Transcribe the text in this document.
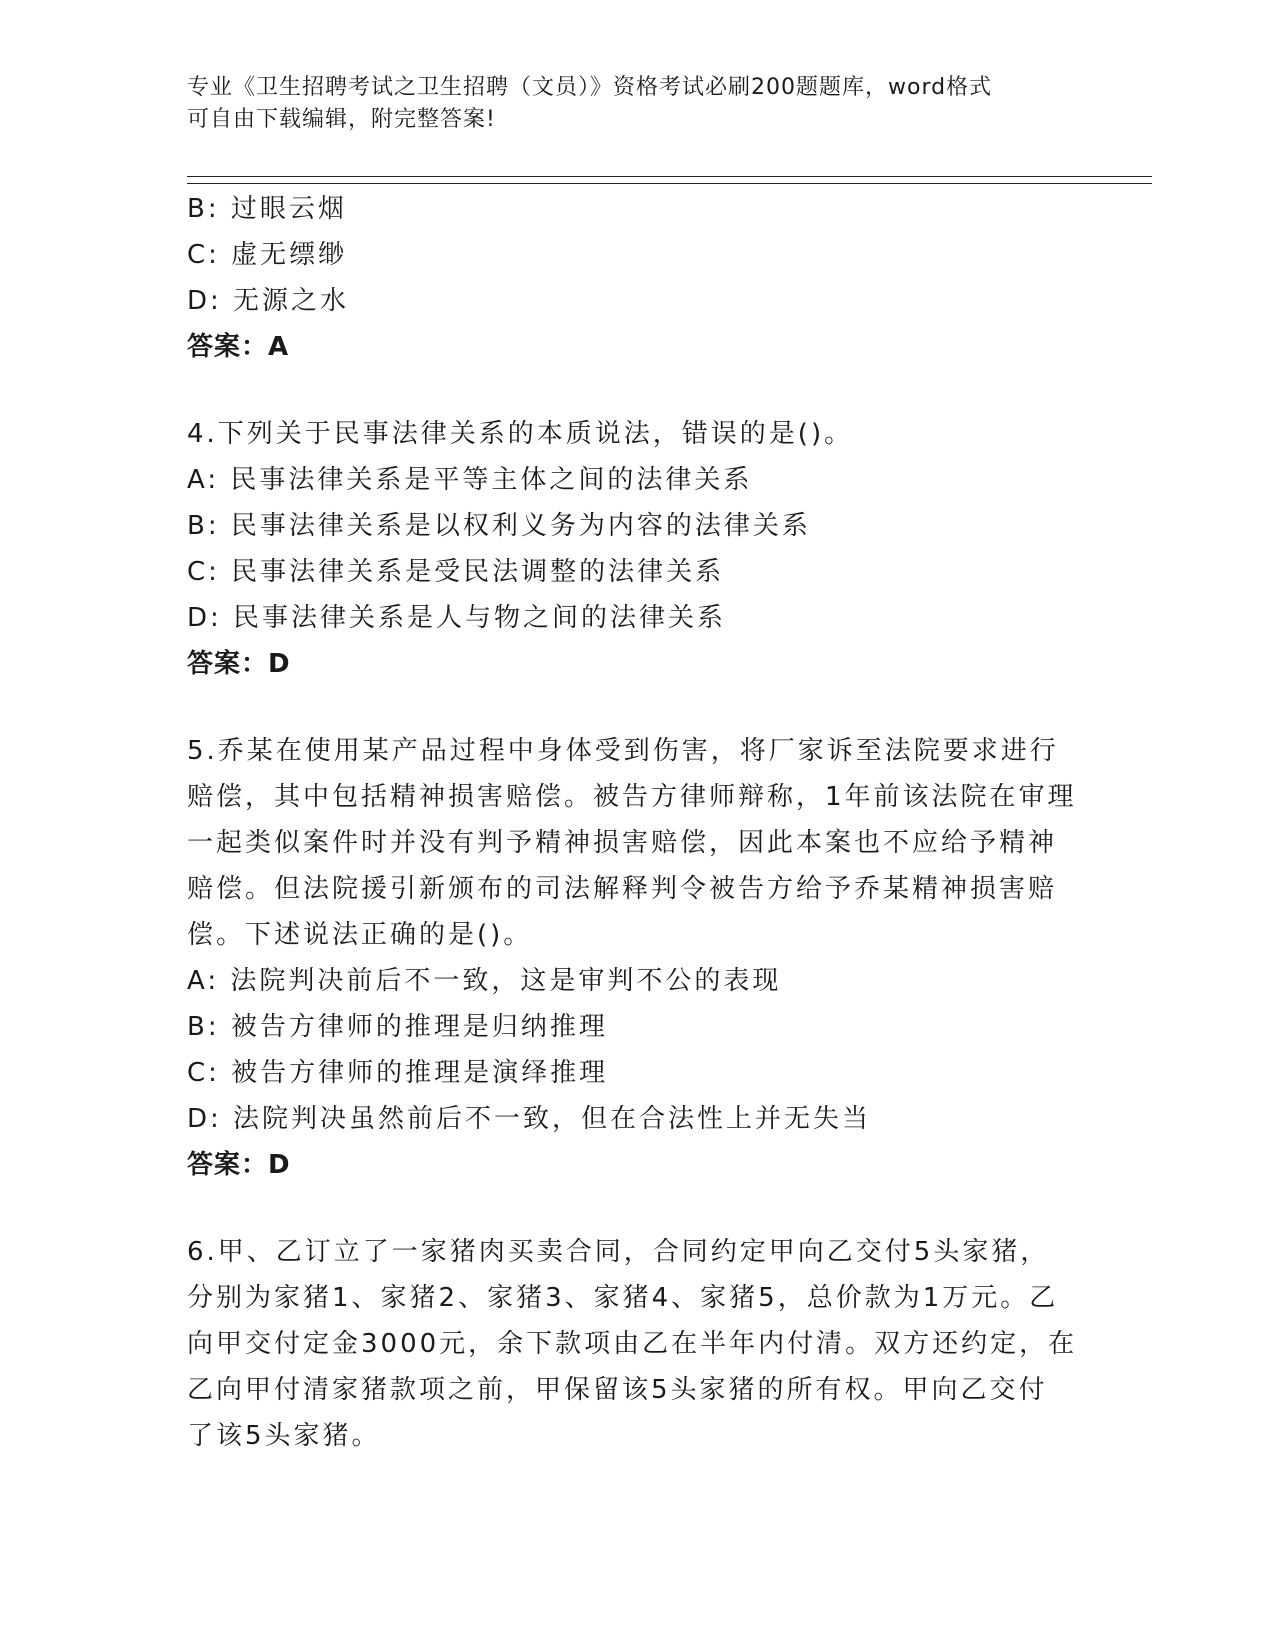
专业《卫生招聘考试之卫生招聘（文员）》资格考试必刷200题题库，word格式
可自由下载编辑，附完整答案!
B: 过眼云烟
C: 虚无缥缈
D: 无源之水
答案：A
4.下列关于民事法律关系的本质说法，错误的是()。
A: 民事法律关系是平等主体之间的法律关系
B: 民事法律关系是以权利义务为内容的法律关系
C: 民事法律关系是受民法调整的法律关系
D: 民事法律关系是人与物之间的法律关系
答案：D
5.乔某在使用某产品过程中身体受到伤害，将厂家诉至法院要求进行
赔偿，其中包括精神损害赔偿。被告方律师辩称，1年前该法院在审理
一起类似案件时并没有判予精神损害赔偿，因此本案也不应给予精神
赔偿。但法院援引新颁布的司法解释判令被告方给予乔某精神损害赔
偿。下述说法正确的是()。
A: 法院判决前后不一致，这是审判不公的表现
B: 被告方律师的推理是归纳推理
C: 被告方律师的推理是演绎推理
D: 法院判决虽然前后不一致，但在合法性上并无失当
答案：D
6.甲、乙订立了一家猪肉买卖合同，合同约定甲向乙交付5头家猪，
分别为家猪1、家猪2、家猪3、家猪4、家猪5，总价款为1万元。乙
向甲交付定金3000元，余下款项由乙在半年内付清。双方还约定，在
乙向甲付清家猪款项之前，甲保留该5头家猪的所有权。甲向乙交付
了该5头家猪。
